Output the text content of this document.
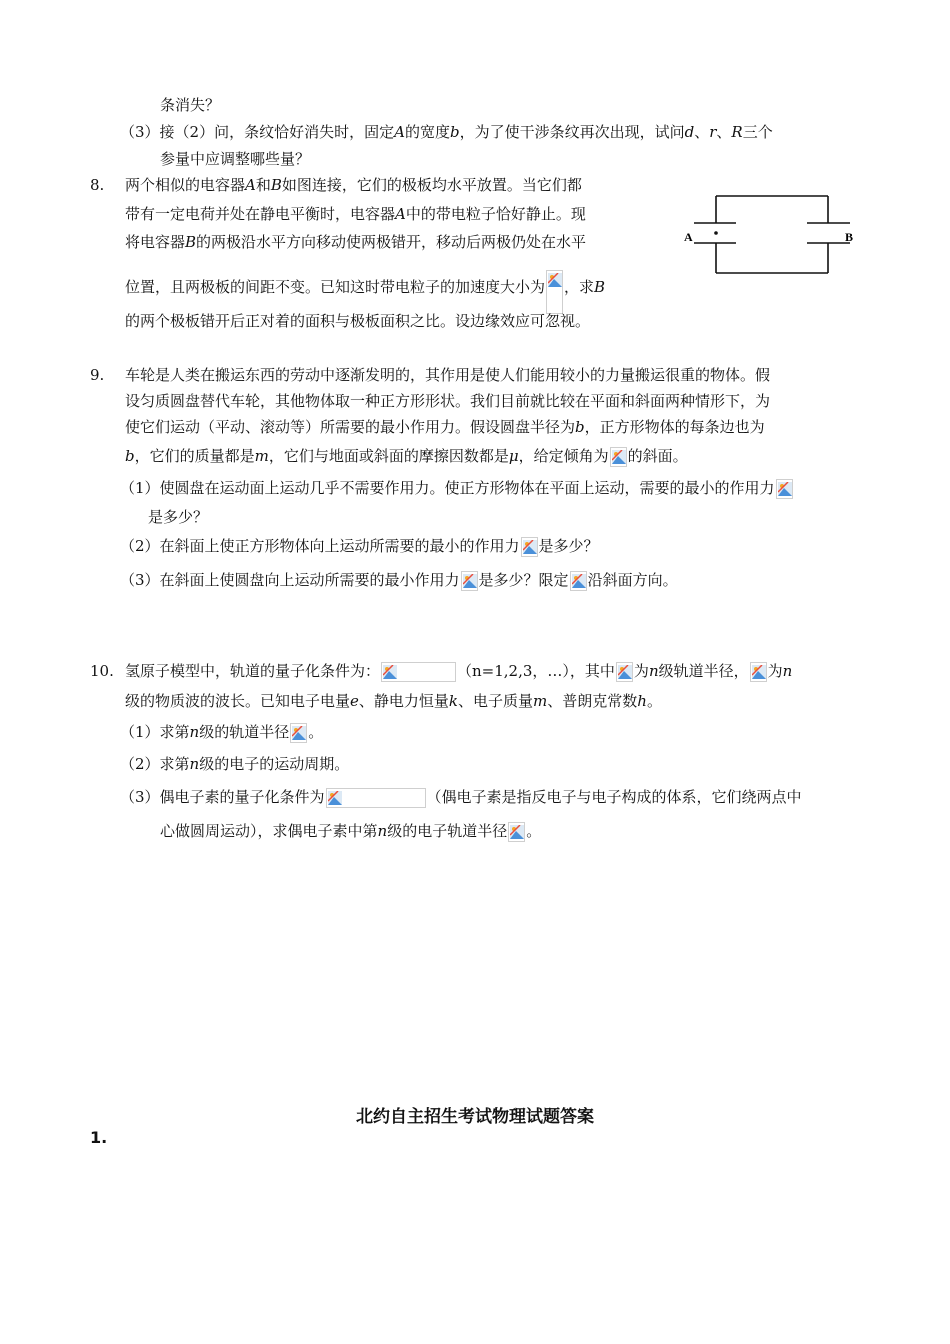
条消失？
（3）接（2）问，条纹恰好消失时，固定A的宽度b，为了使干涉条纹再次出现，试问d、r、R三个
参量中应调整哪些量？
8. 两个相似的电容器A和B如图连接，它们的极板均水平放置。当它们都
带有一定电荷并处在静电平衡时，电容器A中的带电粒子恰好静止。现
将电容器B的两极沿水平方向移动使两极错开，移动后两极仍处在水平
位置，且两极板的间距不变。已知这时带电粒子的加速度大小为 ，求B
的两个极板错开后正对着的面积与极板面积之比。设边缘效应可忽视。
A	B
9. 车轮是人类在搬运东西的劳动中逐渐发明的，其作用是使人们能用较小的力量搬运很重的物体。假
设匀质圆盘替代车轮，其他物体取一种正方形形状。我们目前就比较在平面和斜面两种情形下，为
使它们运动（平动、滚动等）所需要的最小作用力。假设圆盘半径为b，正方形物体的每条边也为
b，它们的质量都是m，它们与地面或斜面的摩擦因数都是μ，给定倾角为 的斜面。
（1）使圆盘在运动面上运动几乎不需要作用力。使正方形物体在平面上运动，需要的最小的作用力
是多少？
（2）在斜面上使正方形物体向上运动所需要的最小的作用力 是多少？
（3）在斜面上使圆盘向上运动所需要的最小作用力 是多少？限定 沿斜面方向。
10. 氢原子模型中，轨道的量子化条件为：	（n=1,2,3，…），其中 为n级轨道半径， 为n
级的物质波的波长。已知电子电量e、静电力恒量k、电子质量m、普朗克常数h。
（1）求第n级的轨道半径 。
（2）求第n级的电子的运动周期。
（3）偶电子素的量子化条件为	（偶电子素是指反电子与电子构成的体系，它们绕两点中
心做圆周运动），求偶电子素中第n级的电子轨道半径 。
北约自主招生考试物理试题答案
1.
